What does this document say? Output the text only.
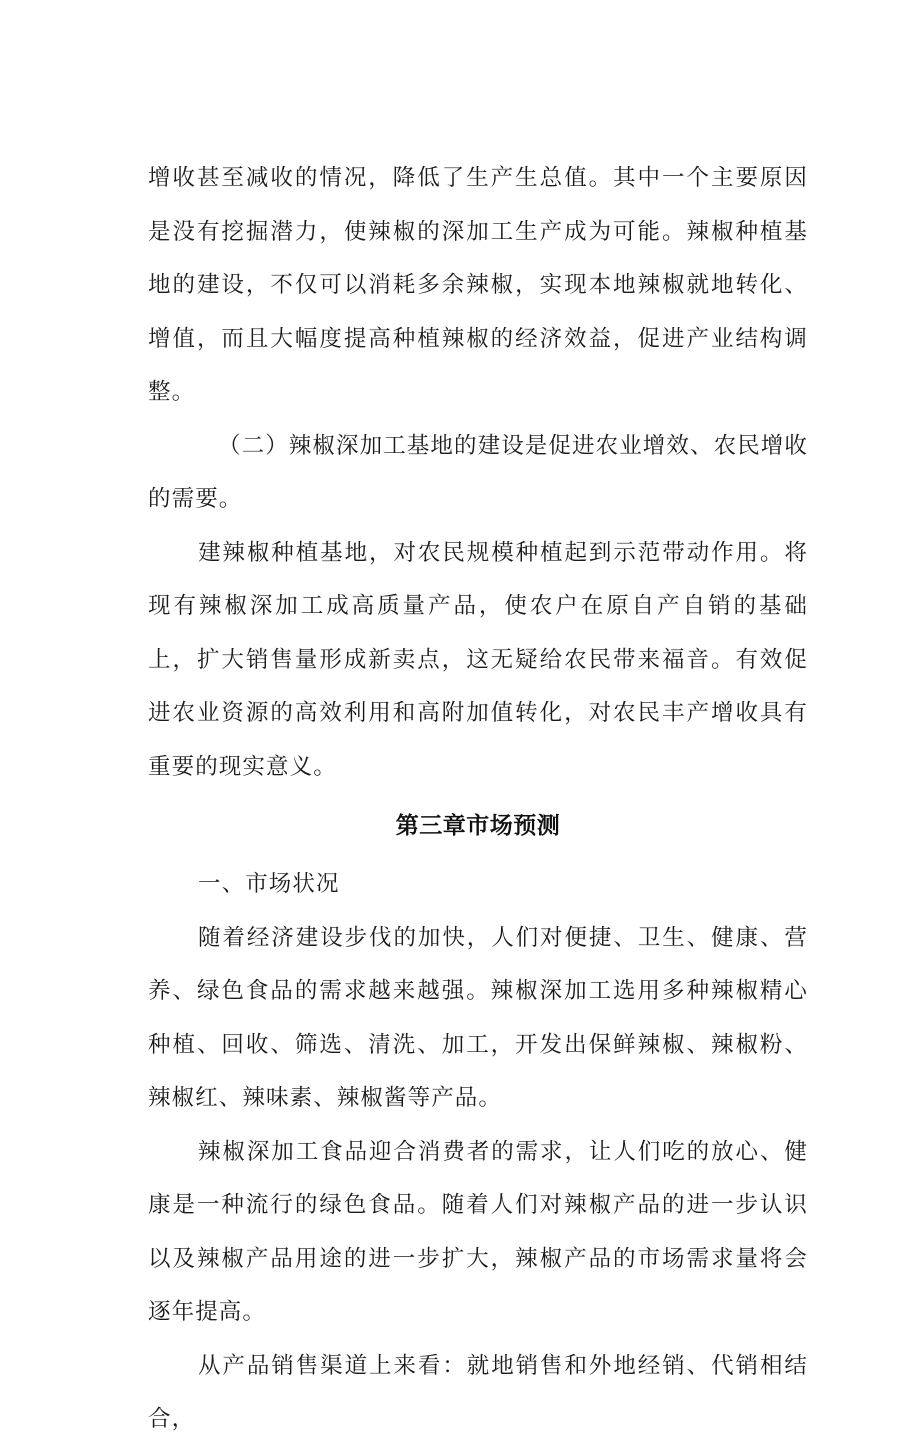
增收甚至减收的情况，降低了生产生总值。其中一个主要原因是没有挖掘潜力，使辣椒的深加工生产成为可能。辣椒种植基地的建设，不仅可以消耗多余辣椒，实现本地辣椒就地转化、增值，而且大幅度提高种植辣椒的经济效益，促进产业结构调整。

（二）辣椒深加工基地的建设是促进农业增效、农民增收的需要。

建辣椒种植基地，对农民规模种植起到示范带动作用。将现有辣椒深加工成高质量产品，使农户在原自产自销的基础上，扩大销售量形成新卖点，这无疑给农民带来福音。有效促进农业资源的高效利用和高附加值转化，对农民丰产增收具有重要的现实意义。

第三章市场预测

一、市场状况

随着经济建设步伐的加快，人们对便捷、卫生、健康、营养、绿色食品的需求越来越强。辣椒深加工选用多种辣椒精心种植、回收、筛选、清洗、加工，开发出保鲜辣椒、辣椒粉、辣椒红、辣味素、辣椒酱等产品。

辣椒深加工食品迎合消费者的需求，让人们吃的放心、健康是一种流行的绿色食品。随着人们对辣椒产品的进一步认识以及辣椒产品用途的进一步扩大，辣椒产品的市场需求量将会逐年提高。

从产品销售渠道上来看：就地销售和外地经销、代销相结合，
